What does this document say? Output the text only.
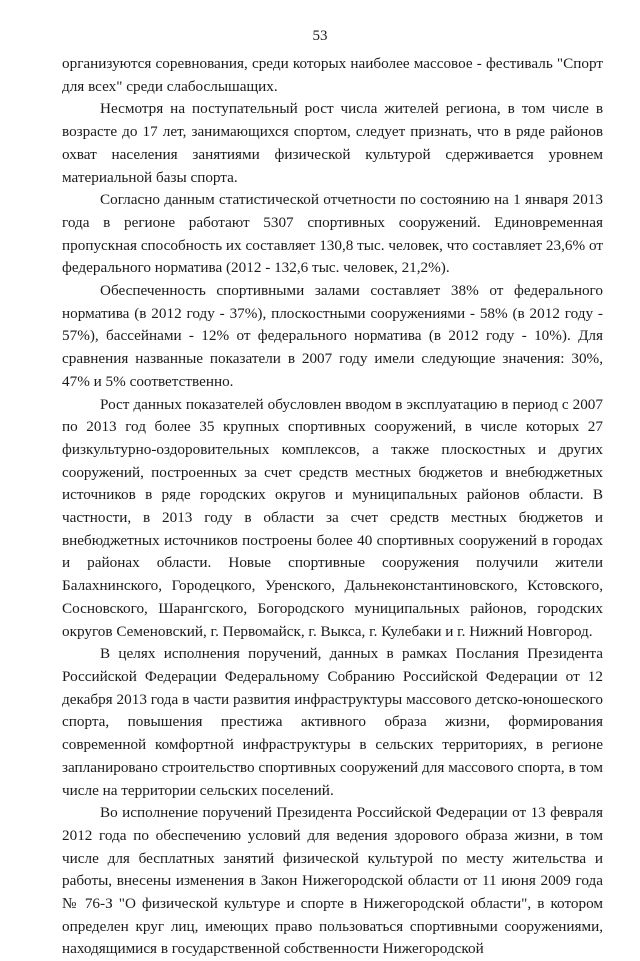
53

организуются соревнования, среди которых наиболее массовое - фестиваль "Спорт для всех" среди слабослышащих.

Несмотря на поступательный рост числа жителей региона, в том числе в возрасте до 17 лет, занимающихся спортом, следует признать, что в ряде районов охват населения занятиями физической культурой сдерживается уровнем материальной базы спорта.

Согласно данным статистической отчетности по состоянию на 1 января 2013 года в регионе работают 5307 спортивных сооружений. Единовременная пропускная способность их составляет 130,8 тыс. человек, что составляет 23,6% от федерального норматива (2012 - 132,6 тыс. человек, 21,2%).

Обеспеченность спортивными залами составляет 38% от федерального норматива (в 2012 году - 37%), плоскостными сооружениями - 58% (в 2012 году - 57%), бассейнами - 12% от федерального норматива (в 2012 году - 10%). Для сравнения названные показатели в 2007 году имели следующие значения: 30%, 47% и 5% соответственно.

Рост данных показателей обусловлен вводом в эксплуатацию в период с 2007 по 2013 год более 35 крупных спортивных сооружений, в числе которых 27 физкультурно-оздоровительных комплексов, а также плоскостных и других сооружений, построенных за счет средств местных бюджетов и внебюджетных источников в ряде городских округов и муниципальных районов области. В частности, в 2013 году в области за счет средств местных бюджетов и внебюджетных источников построены более 40 спортивных сооружений в городах и районах области. Новые спортивные сооружения получили жители Балахнинского, Городецкого, Уренского, Дальнеконстантиновского, Кстовского, Сосновского, Шарангского, Богородского муниципальных районов, городских округов Семеновский, г. Первомайск, г. Выкса, г. Кулебаки и г. Нижний Новгород.

В целях исполнения поручений, данных в рамках Послания Президента Российской Федерации Федеральному Собранию Российской Федерации от 12 декабря 2013 года в части развития инфраструктуры массового детско-юношеского спорта, повышения престижа активного образа жизни, формирования современной комфортной инфраструктуры в сельских территориях, в регионе запланировано строительство спортивных сооружений для массового спорта, в том числе на территории сельских поселений.

Во исполнение поручений Президента Российской Федерации от 13 февраля 2012 года по обеспечению условий для ведения здорового образа жизни, в том числе для бесплатных занятий физической культурой по месту жительства и работы, внесены изменения в Закон Нижегородской области от 11 июня 2009 года № 76-З "О физической культуре и спорте в Нижегородской области", в котором определен круг лиц, имеющих право пользоваться спортивными сооружениями, находящимися в государственной собственности Нижегородской
